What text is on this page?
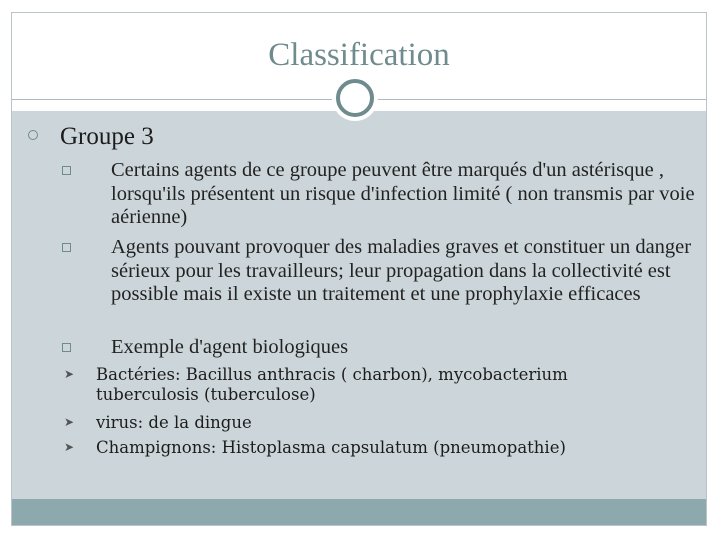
Classification
Groupe 3
Certains agents de ce groupe peuvent être marqués d'un astérisque , lorsqu'ils présentent un risque d'infection limité ( non transmis par voie aérienne)
Agents pouvant provoquer des maladies graves et constituer un danger sérieux pour les travailleurs; leur propagation dans la collectivité est possible mais il existe un traitement et une prophylaxie efficaces
Exemple d'agent biologiques
➤ Bactéries: Bacillus anthracis ( charbon), mycobacterium tuberculosis (tuberculose)
➤ virus: de la dingue
➤ Champignons: Histoplasma capsulatum (pneumopathie)
